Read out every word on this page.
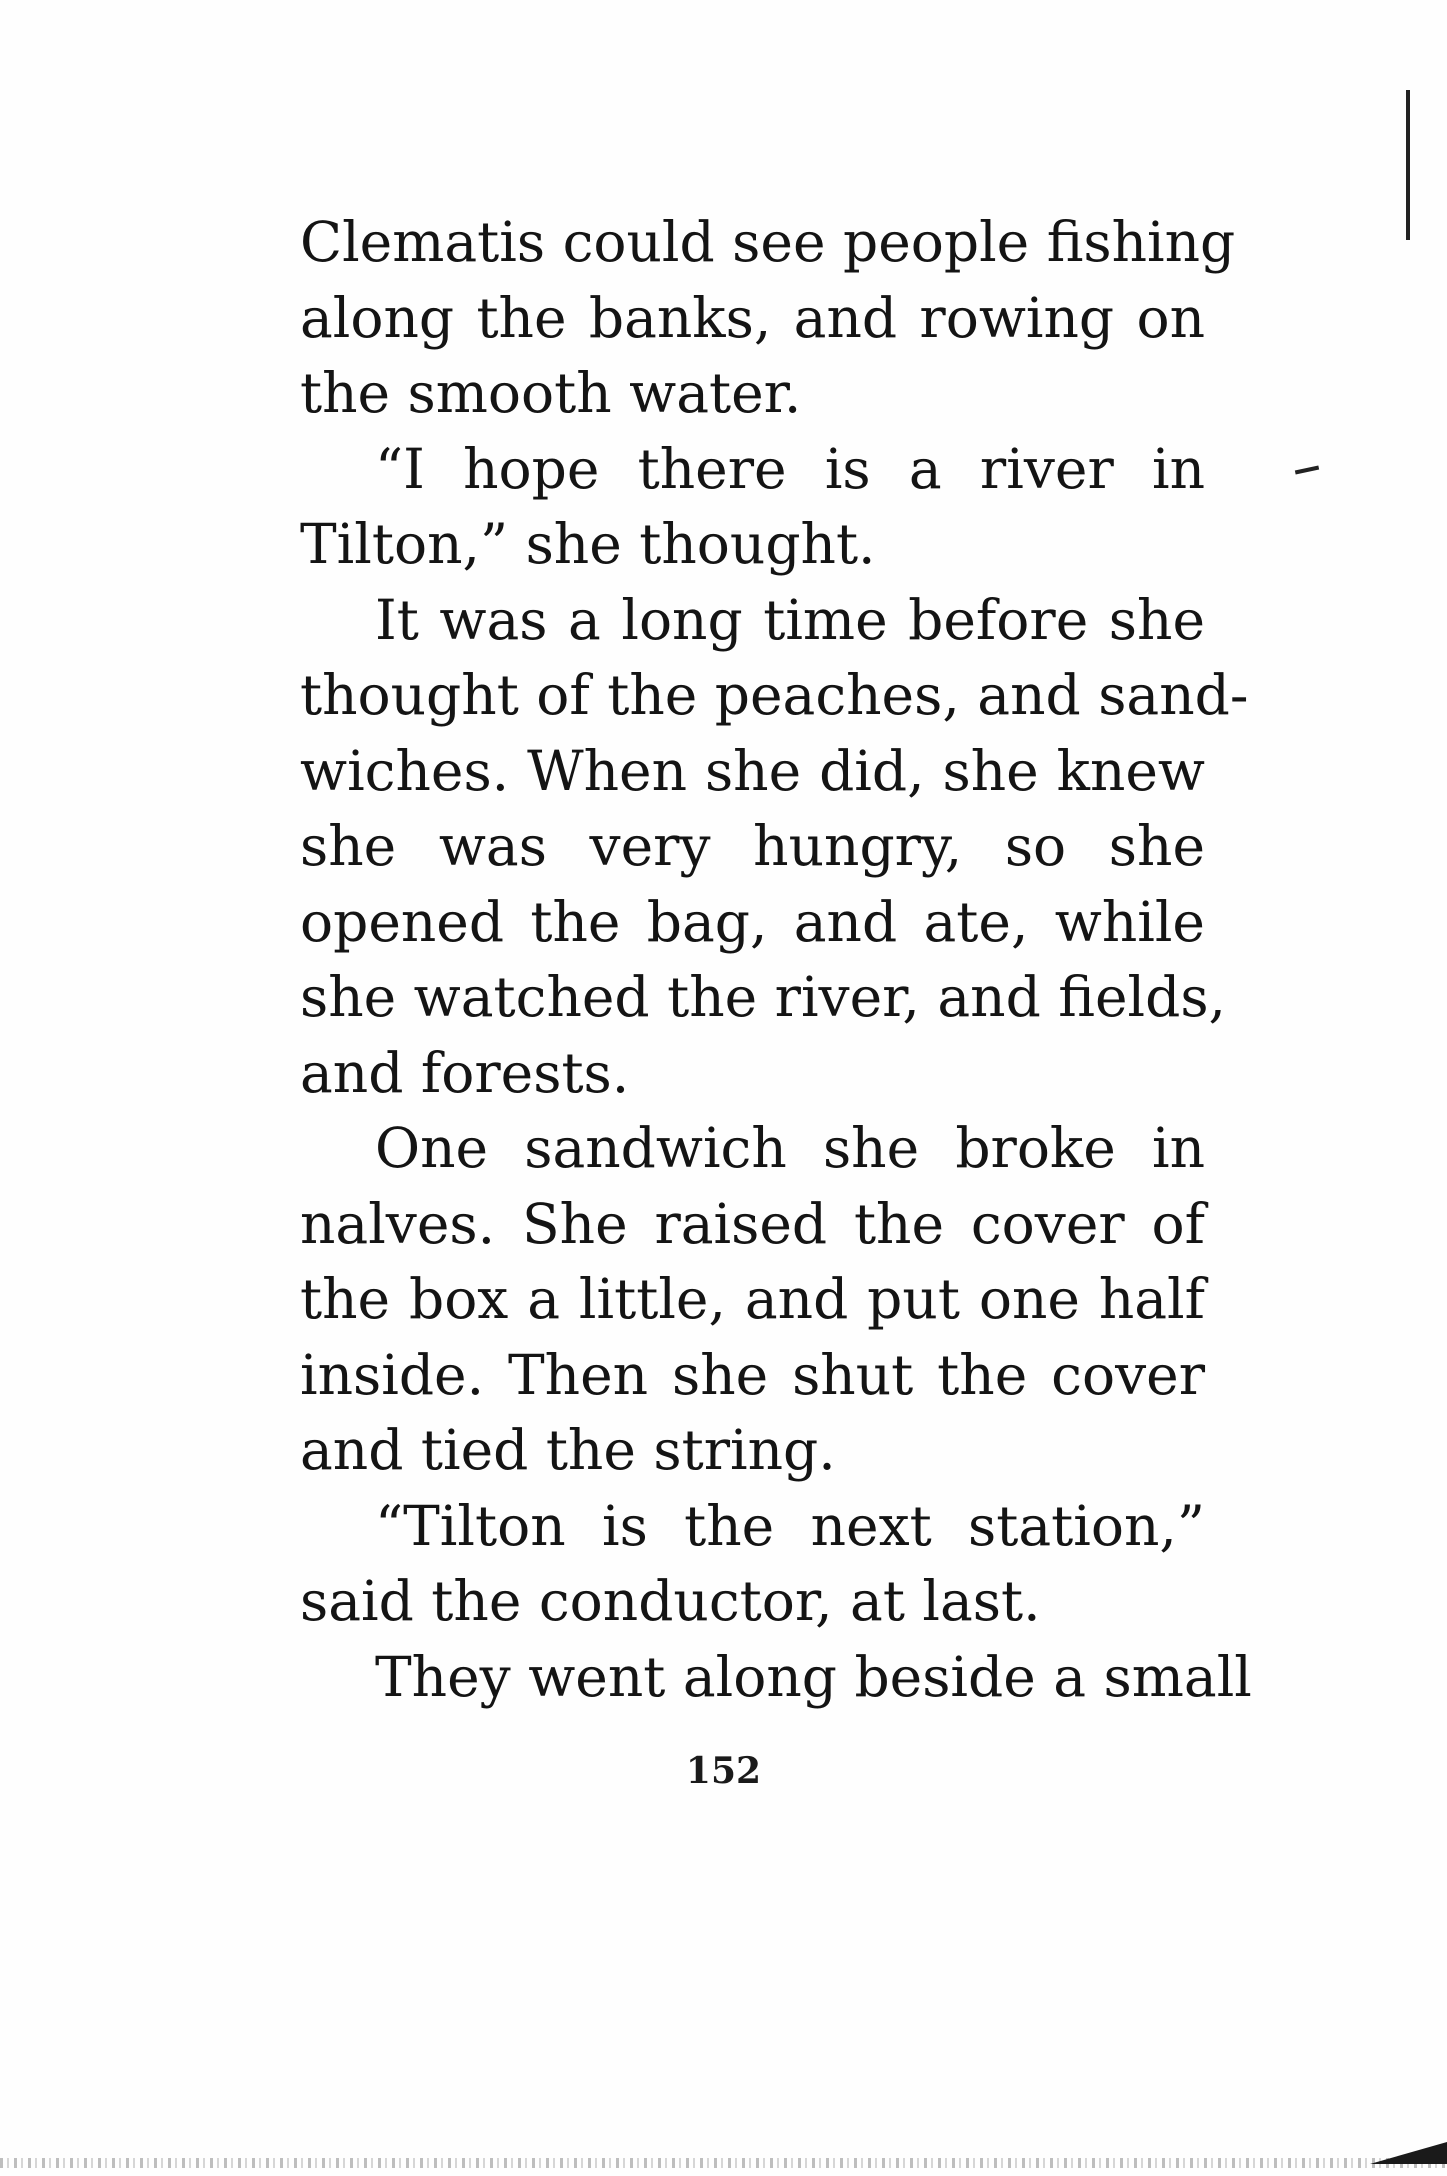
Clematis could see people fishing
along the banks, and rowing on
the smooth water.
“I hope there is a river in
Tilton,” she thought.
It was a long time before she
thought of the peaches, and sand-
wiches. When she did, she knew
she was very hungry, so she
opened the bag, and ate, while
she watched the river, and fields,
and forests.
One sandwich she broke in
nalves. She raised the cover of
the box a little, and put one half
inside. Then she shut the cover
and tied the string.
“Tilton is the next station,”
said the conductor, at last.
They went along beside a small
152
